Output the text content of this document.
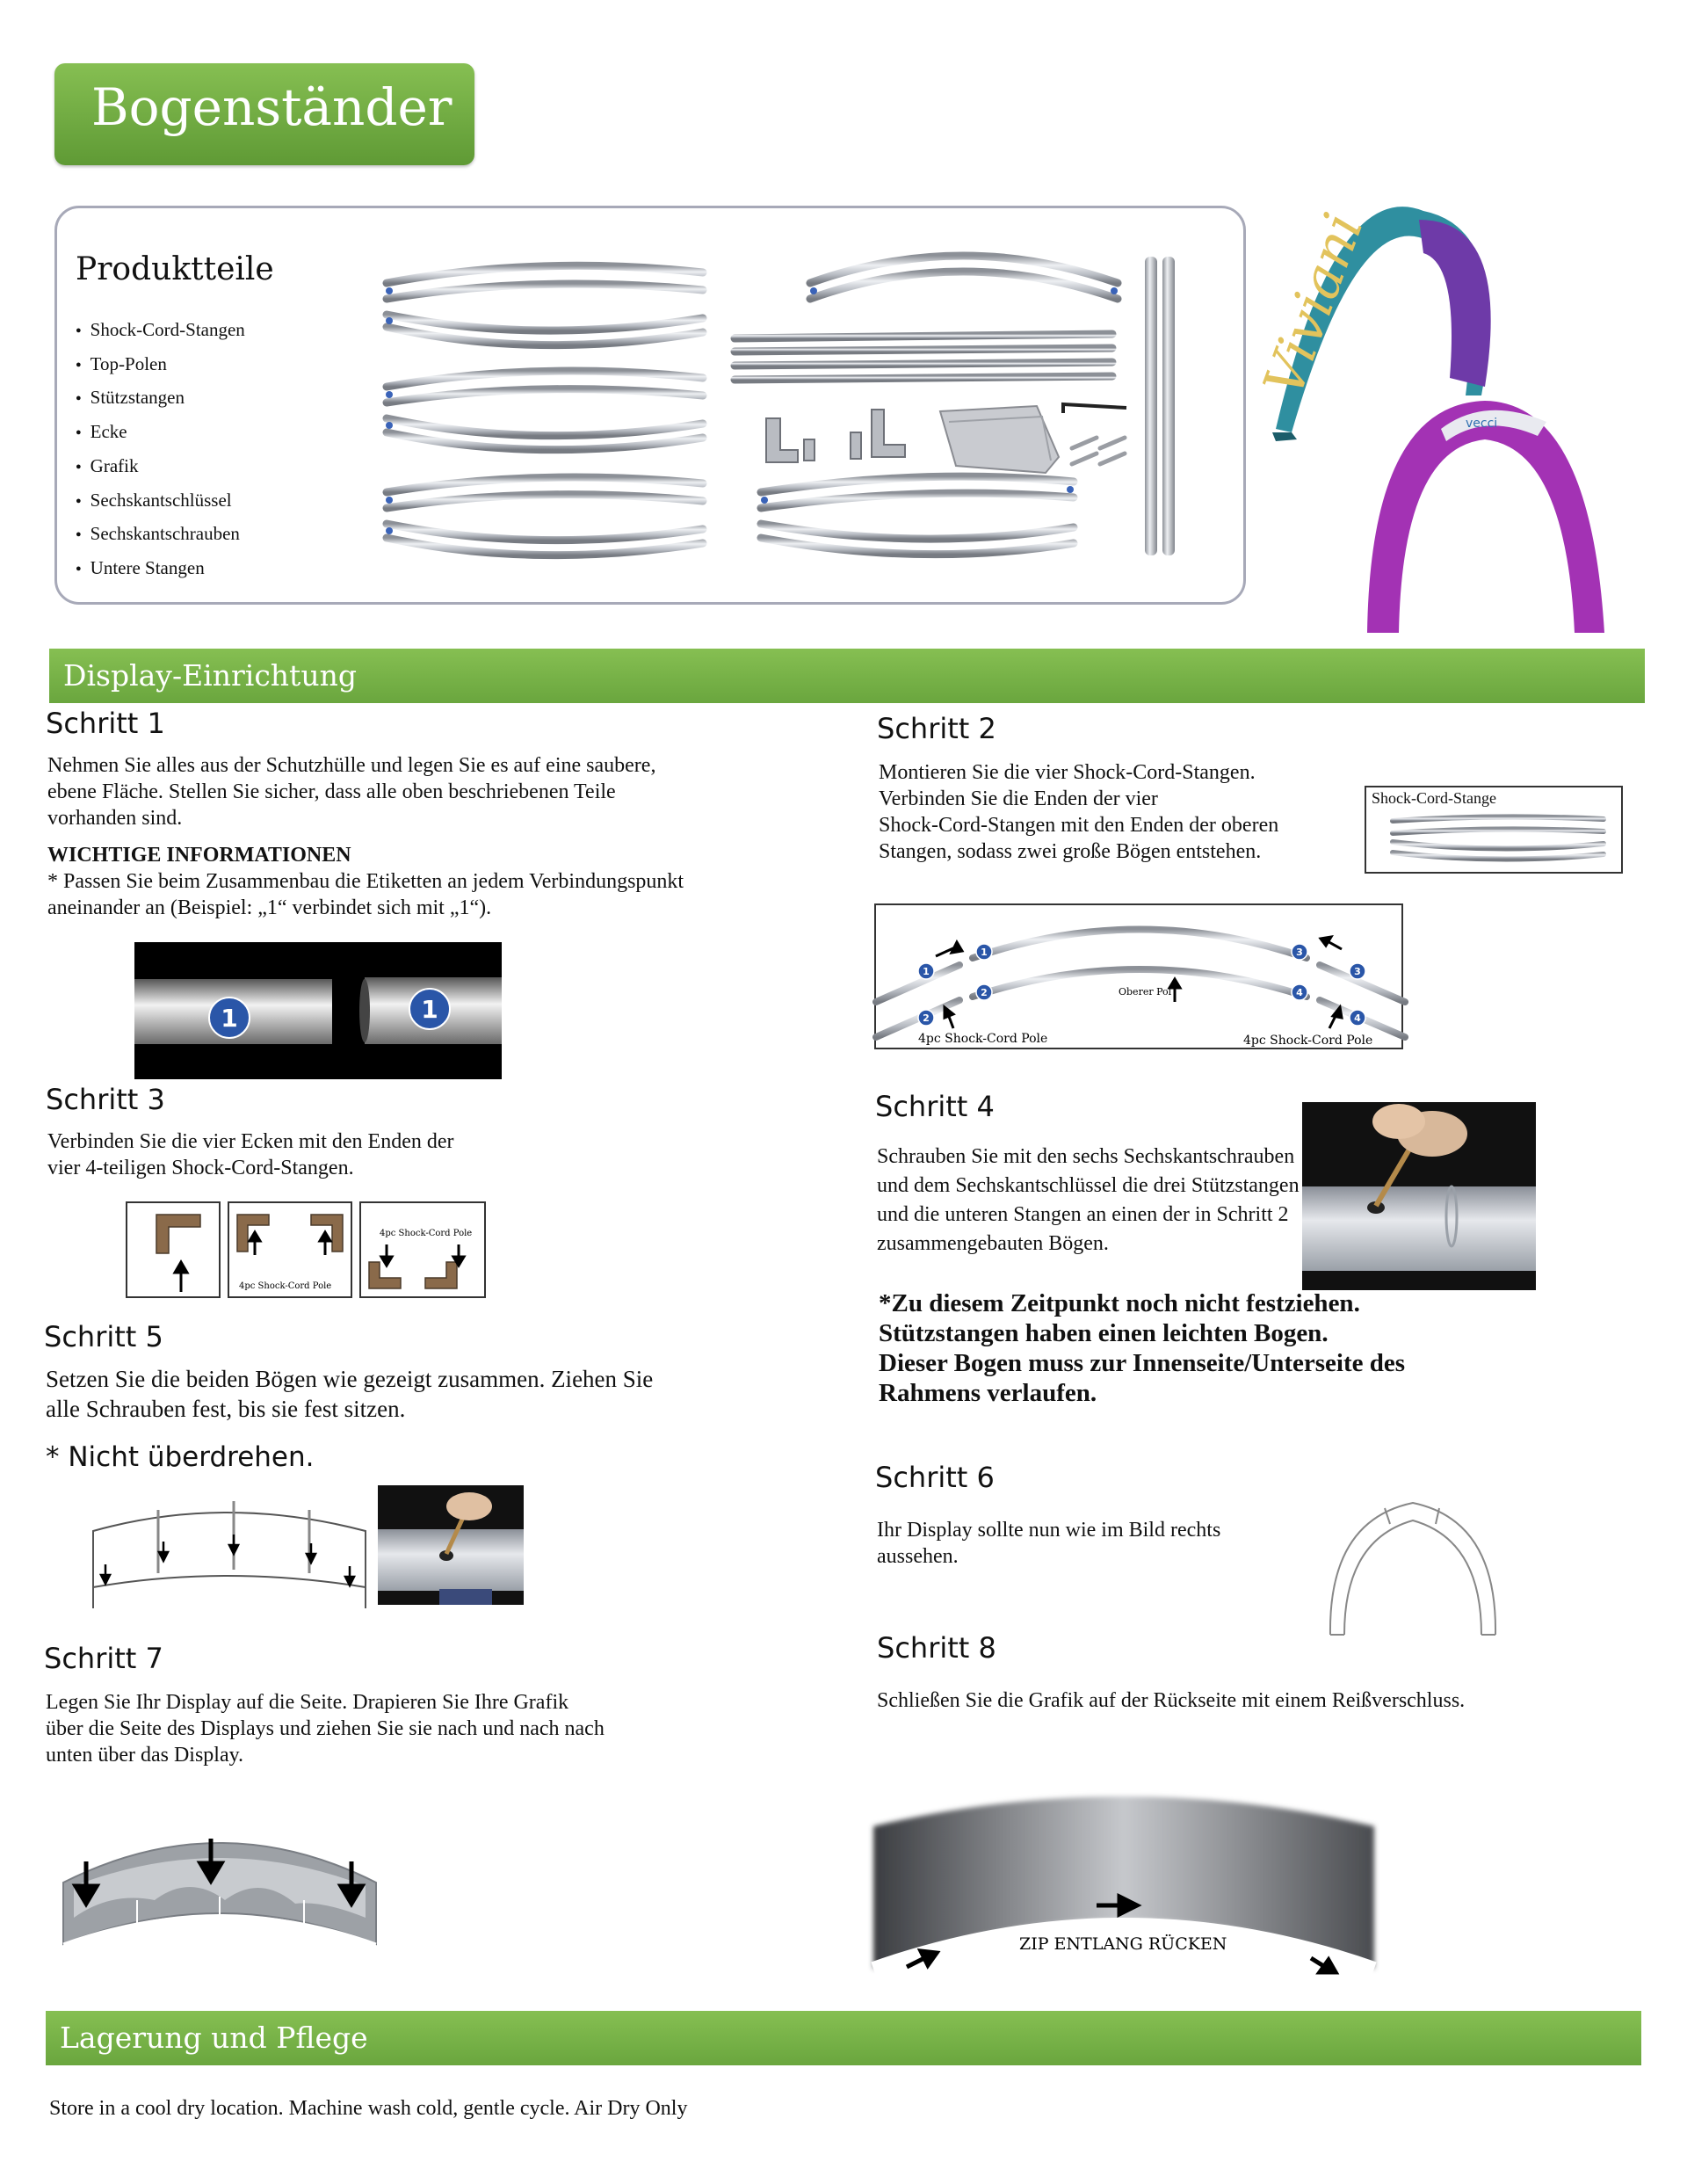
Bogenständer
Produktteile
● Shock-Cord-Stangen
● Top-Polen
● Stützstangen
● Ecke
● Grafik
● Sechskantschlüssel
● Sechskantschrauben
● Untere Stangen
Viviani
vecci
Display-Einrichtung
Schritt 1
Nehmen Sie alles aus der Schutzhülle und legen Sie es auf eine saubere,
ebene Fläche. Stellen Sie sicher, dass alle oben beschriebenen Teile
vorhanden sind.
WICHTIGE INFORMATIONEN
* Passen Sie beim Zusammenbau die Etiketten an jedem Verbindungspunkt
aneinander an (Beispiel: „1“ verbindet sich mit „1“).
1	1
Schritt 2
Montieren Sie die vier Shock-Cord-Stangen.
Verbinden Sie die Enden der vier
Shock-Cord-Stangen mit den Enden der oberen
Stangen, sodass zwei große Bögen entstehen.
Shock-Cord-Stange
1
1
2
2
3
3
4
4
Oberer Pol
4pc Shock-Cord Pole	4pc Shock-Cord Pole
Schritt 3
Verbinden Sie die vier Ecken mit den Enden der
vier 4-teiligen Shock-Cord-Stangen.
4pc Shock-Cord Pole
4pc Shock-Cord Pole
Schritt 4
Schrauben Sie mit den sechs Sechskantschrauben
und dem Sechskantschlüssel die drei Stützstangen
und die unteren Stangen an einen der in Schritt 2
zusammengebauten Bögen.
*Zu diesem Zeitpunkt noch nicht festziehen.
Stützstangen haben einen leichten Bogen.
Dieser Bogen muss zur Innenseite/Unterseite des
Rahmens verlaufen.
Schritt 5
Setzen Sie die beiden Bögen wie gezeigt zusammen. Ziehen Sie
alle Schrauben fest, bis sie fest sitzen.
* Nicht überdrehen.
Schritt 6
Ihr Display sollte nun wie im Bild rechts
aussehen.
Schritt 7
Legen Sie Ihr Display auf die Seite. Drapieren Sie Ihre Grafik
über die Seite des Displays und ziehen Sie sie nach und nach nach
unten über das Display.
Schritt 8
Schließen Sie die Grafik auf der Rückseite mit einem Reißverschluss.
ZIP ENTLANG RÜCKEN
Lagerung und Pflege
Store in a cool dry location. Machine wash cold, gentle cycle. Air Dry Only
